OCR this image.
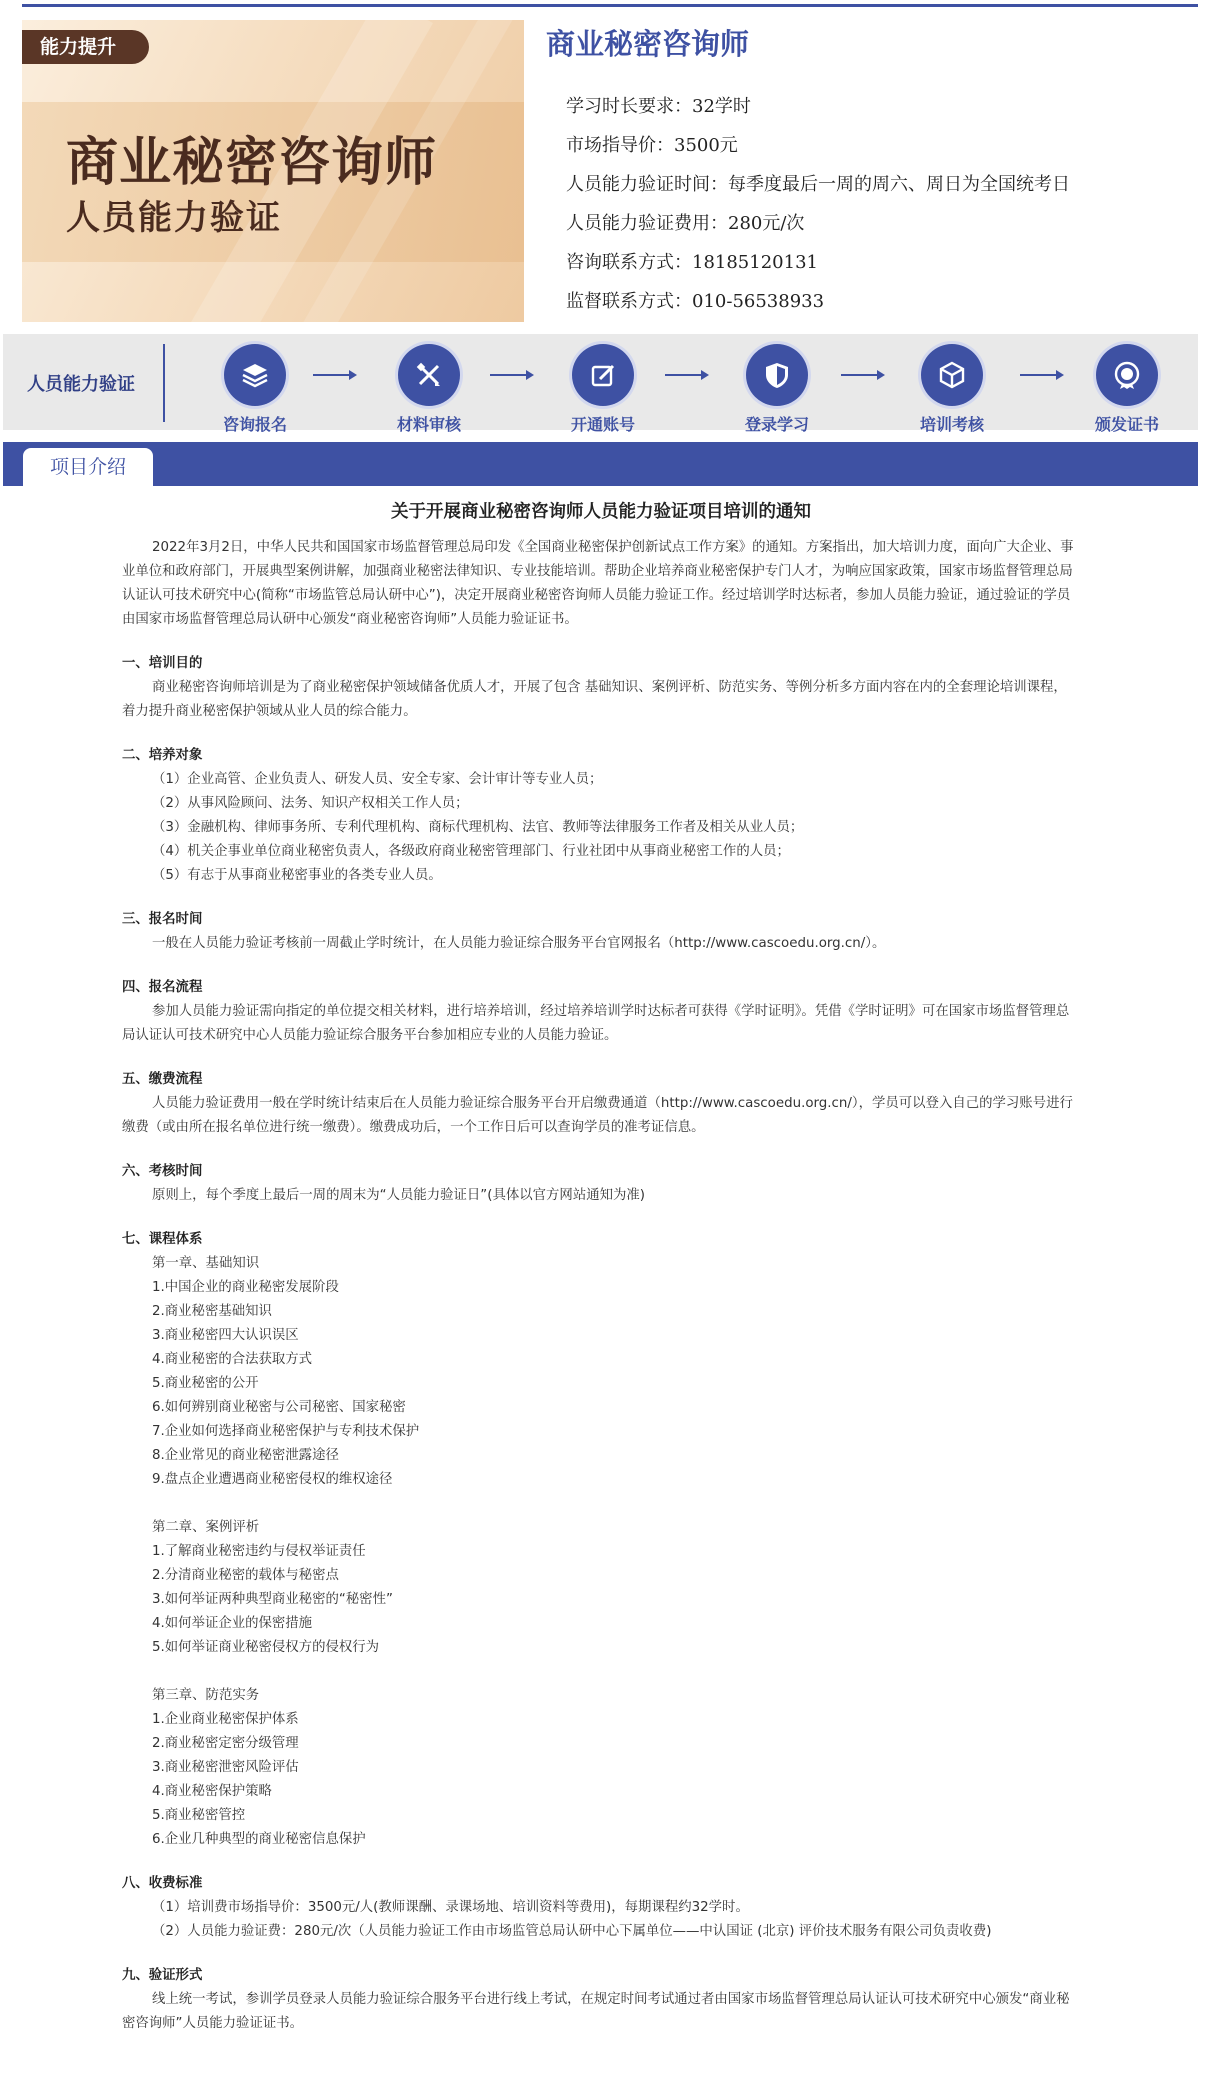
能力提升
商业秘密咨询师
人员能力验证
商业秘密咨询师
学习时长要求：32学时
市场指导价：3500元
人员能力验证时间：每季度最后一周的周六、周日为全国统考日
人员能力验证费用：280元/次
咨询联系方式：18185120131
监督联系方式：010-56538933
人员能力验证
咨询报名	材料审核	开通账号	登录学习	培训考核	颁发证书
项目介绍
关于开展商业秘密咨询师人员能力验证项目培训的通知

2022年3月2日，中华人民共和国国家市场监督管理总局印发《全国商业秘密保护创新试点工作方案》的通知。方案指出，加大培训力度，面向广大企业、事业单位和政府部门，开展典型案例讲解，加强商业秘密法律知识、专业技能培训。帮助企业培养商业秘密保护专门人才，为响应国家政策，国家市场监督管理总局认证认可技术研究中心(简称“市场监管总局认研中心”)，决定开展商业秘密咨询师人员能力验证工作。经过培训学时达标者，参加人员能力验证，通过验证的学员由国家市场监督管理总局认研中心颁发“商业秘密咨询师”人员能力验证证书。

一、培训目的

商业秘密咨询师培训是为了商业秘密保护领域储备优质人才，开展了包含 基础知识、案例评析、防范实务、等例分析多方面内容在内的全套理论培训课程，着力提升商业秘密保护领域从业人员的综合能力。

二、培养对象
（1）企业高管、企业负责人、研发人员、安全专家、会计审计等专业人员；
（2）从事风险顾问、法务、知识产权相关工作人员；
（3）金融机构、律师事务所、专利代理机构、商标代理机构、法官、教师等法律服务工作者及相关从业人员；
（4）机关企事业单位商业秘密负责人，各级政府商业秘密管理部门、行业社团中从事商业秘密工作的人员；
（5）有志于从事商业秘密事业的各类专业人员。
三、报名时间

一般在人员能力验证考核前一周截止学时统计，在人员能力验证综合服务平台官网报名（http://www.cascoedu.org.cn/）。

四、报名流程

参加人员能力验证需向指定的单位提交相关材料，进行培养培训，经过培养培训学时达标者可获得《学时证明》。凭借《学时证明》可在国家市场监督管理总局认证认可技术研究中心人员能力验证综合服务平台参加相应专业的人员能力验证。

五、缴费流程

人员能力验证费用一般在学时统计结束后在人员能力验证综合服务平台开启缴费通道（http://www.cascoedu.org.cn/），学员可以登入自己的学习账号进行缴费（或由所在报名单位进行统一缴费）。缴费成功后，一个工作日后可以查询学员的准考证信息。

六、考核时间

原则上，每个季度上最后一周的周末为“人员能力验证日”(具体以官方网站通知为准)

七、课程体系
第一章、基础知识
1.中国企业的商业秘密发展阶段
2.商业秘密基础知识
3.商业秘密四大认识误区
4.商业秘密的合法获取方式
5.商业秘密的公开
6.如何辨别商业秘密与公司秘密、国家秘密
7.企业如何选择商业秘密保护与专利技术保护
8.企业常见的商业秘密泄露途径
9.盘点企业遭遇商业秘密侵权的维权途径
第二章、案例评析
1.了解商业秘密违约与侵权举证责任
2.分清商业秘密的载体与秘密点
3.如何举证两种典型商业秘密的“秘密性”
4.如何举证企业的保密措施
5.如何举证商业秘密侵权方的侵权行为
第三章、防范实务
1.企业商业秘密保护体系
2.商业秘密定密分级管理
3.商业秘密泄密风险评估
4.商业秘密保护策略
5.商业秘密管控
6.企业几种典型的商业秘密信息保护
八、收费标准
（1）培训费市场指导价：3500元/人(教师课酬、录课场地、培训资料等费用)，每期课程约32学时。
（2）人员能力验证费：280元/次（人员能力验证工作由市场监管总局认研中心下属单位——中认国证 (北京) 评价技术服务有限公司负责收费)
九、验证形式

线上统一考试，参训学员登录人员能力验证综合服务平台进行线上考试，在规定时间考试通过者由国家市场监督管理总局认证认可技术研究中心颁发“商业秘密咨询师”人员能力验证证书。
